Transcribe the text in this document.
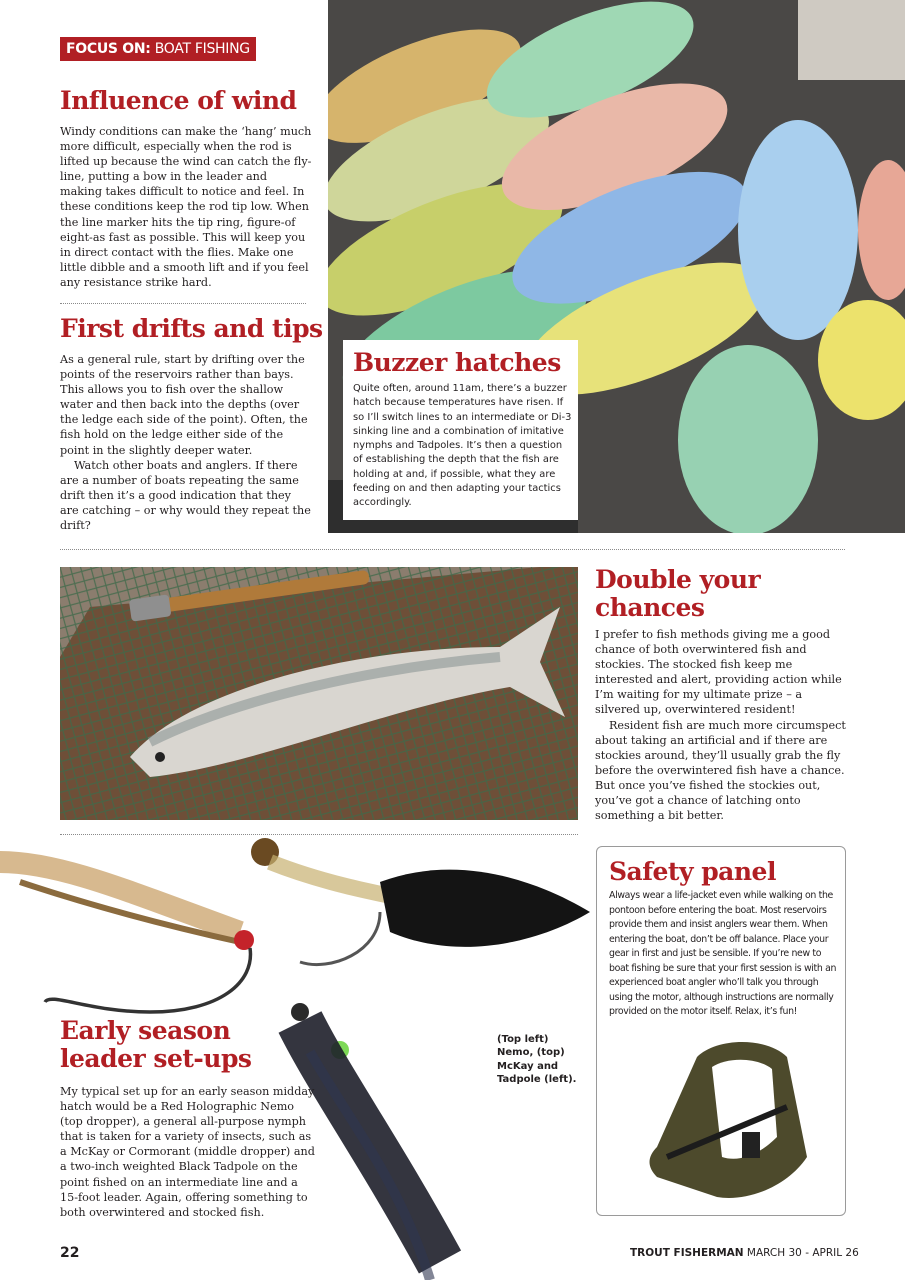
FOCUS ON: BOAT FISHING
Influence of wind

Windy conditions can make the ‘hang’ much more difficult, especially when the rod is lifted up because the wind can catch the fly-line, putting a bow in the leader and making takes difficult to notice and feel. In these conditions keep the rod tip low. When the line marker hits the tip ring, figure-of eight-as fast as possible. This will keep you in direct contact with the flies. Make one little dibble and a smooth lift and if you feel any resistance strike hard.

First drifts and tips

As a general rule, start by drifting over the points of the reservoirs rather than bays. This allows you to fish over the shallow water and then back into the depths (over the ledge each side of the point). Often, the fish hold on the ledge either side of the point in the slightly deeper water.

Watch other boats and anglers. If there are a number of boats repeating the same drift then it’s a good indication that they are catching – or why would they repeat the drift?

Buzzer hatches
Quite often, around 11am, there’s a buzzer hatch because temperatures have risen. If so I’ll switch lines to an intermediate or Di-3 sinking line and a combination of imitative nymphs and Tadpoles. It’s then a question of establishing the depth that the fish are holding at and, if possible, what they are feeding on and then adapting your tactics accordingly.
Double your
chances

I prefer to fish methods giving me a good chance of both overwintered fish and stockies. The stocked fish keep me interested and alert, providing action while I’m waiting for my ultimate prize – a silvered up, overwintered resident!

Resident fish are much more circumspect about taking an artificial and if there are stockies around, they’ll usually grab the fly before the overwintered fish have a chance. But once you’ve fished the stockies out, you’ve got a chance of latching onto something a bit better.

Early season
leader set-ups

My typical set up for an early season midday hatch would be a Red Holographic Nemo (top dropper), a general all-purpose nymph that is taken for a variety of insects, such as a McKay or Cormorant (middle dropper) and a two-inch weighted Black Tadpole on the point fished on an intermediate line and a 15-foot leader. Again, offering something to both overwintered and stocked fish.

(Top left)
Nemo, (top)
McKay and
Tadpole (left).
Safety panel
Always wear a life-jacket even while walking on the pontoon before entering the boat. Most reservoirs provide them and insist anglers wear them. When entering the boat, don’t be off balance. Place your gear in first and just be sensible. If you’re new to boat fishing be sure that your first session is with an experienced boat angler who’ll talk you through using the motor, although instructions are normally provided on the motor itself. Relax, it’s fun!
22	TROUT FISHERMAN MARCH 30 - APRIL 26
